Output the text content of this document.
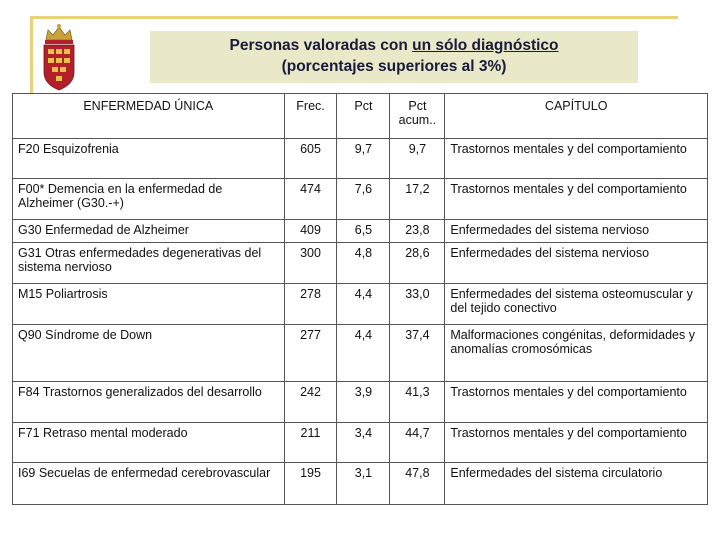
Personas valoradas con un sólo diagnóstico
(porcentajes superiores al 3%)
ENFERMEDAD ÚNICA	Frec.	Pct	Pct acum..	CAPÍTULO
F20 Esquizofrenia	605	9,7	9,7	Trastornos mentales y del comportamiento
F00* Demencia en la enfermedad de Alzheimer (G30.-+)	474	7,6	17,2	Trastornos mentales y del comportamiento
G30 Enfermedad de Alzheimer	409	6,5	23,8	Enfermedades del sistema nervioso
G31 Otras enfermedades degenerativas del sistema nervioso	300	4,8	28,6	Enfermedades del sistema nervioso
M15 Poliartrosis	278	4,4	33,0	Enfermedades del sistema osteomuscular y del tejido conectivo
Q90 Síndrome de Down	277	4,4	37,4	Malformaciones congénitas, deformidades y anomalías cromosómicas
F84 Trastornos generalizados del desarrollo	242	3,9	41,3	Trastornos mentales y del comportamiento
F71 Retraso mental moderado	211	3,4	44,7	Trastornos mentales y del comportamiento
I69 Secuelas de enfermedad cerebrovascular	195	3,1	47,8	Enfermedades del sistema circulatorio
